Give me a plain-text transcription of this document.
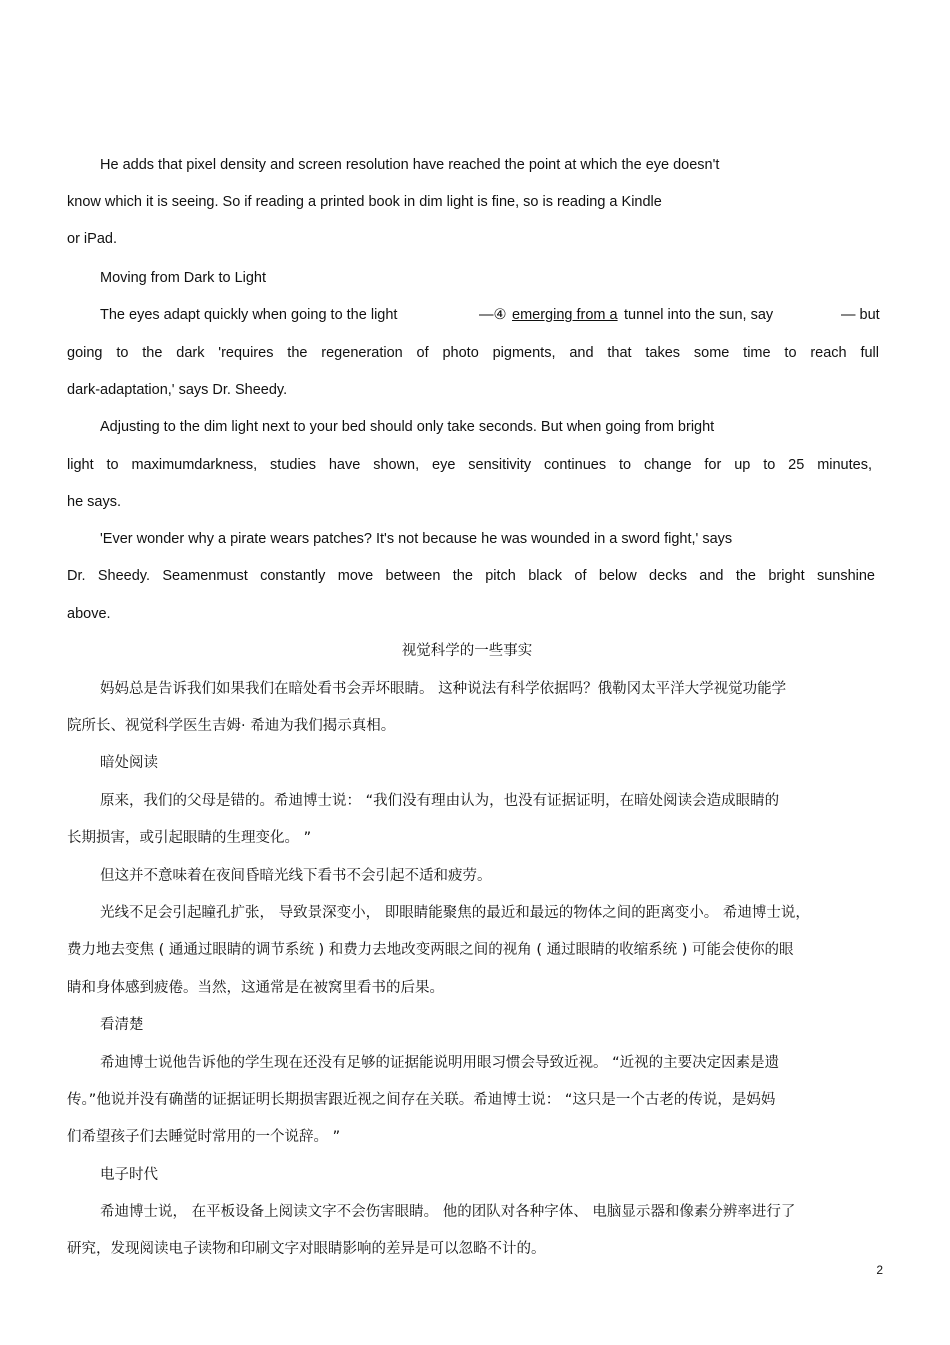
He adds that pixel density and screen resolution have reached the point at which the eye doesn't
know which it is seeing. So if reading a printed book in dim light is fine, so is reading a Kindle
or iPad.
Moving from Dark to Light
The eyes adapt quickly when going to the light	—④ emerging from a tunnel into the sun, say	— but
going to the dark 'requires the regeneration of photo pigments, and that takes some time to reach full
dark-adaptation,' says Dr. Sheedy.
Adjusting to the dim light next to your bed should only take seconds. But when going from bright
light to maximumdarkness, studies have shown, eye sensitivity continues to change for up to 25 minutes,
he says.
'Ever wonder why a pirate wears patches? It's not because he was wounded in a sword fight,' says
Dr. Sheedy. Seamenmust constantly move between the pitch black of below decks and the bright sunshine
above.
视觉科学的一些事实
妈妈总是告诉我们如果我们在暗处看书会弄坏眼睛。 这种说法有科学依据吗？俄勒冈太平洋大学视觉功能学
院所长、视觉科学医生吉姆· 希迪为我们揭示真相。
暗处阅读
原来，我们的父母是错的。希迪博士说： “我们没有理由认为，也没有证据证明，在暗处阅读会造成眼睛的
长期损害，或引起眼睛的生理变化。 ”
但这并不意味着在夜间昏暗光线下看书不会引起不适和疲劳。
光线不足会引起瞳孔扩张， 导致景深变小， 即眼睛能聚焦的最近和最远的物体之间的距离变小。 希迪博士说，
费力地去变焦 ( 通通过眼睛的调节系统 ) 和费力去地改变两眼之间的视角 ( 通过眼睛的收缩系统 ) 可能会使你的眼
睛和身体感到疲倦。当然，这通常是在被窝里看书的后果。
看清楚
希迪博士说他告诉他的学生现在还没有足够的证据能说明用眼习惯会导致近视。 “近视的主要决定因素是遗
传。”他说并没有确凿的证据证明长期损害跟近视之间存在关联。希迪博士说： “这只是一个古老的传说，是妈妈
们希望孩子们去睡觉时常用的一个说辞。 ”
电子时代
希迪博士说， 在平板设备上阅读文字不会伤害眼睛。 他的团队对各种字体、 电脑显示器和像素分辨率进行了
研究，发现阅读电子读物和印刷文字对眼睛影响的差异是可以忽略不计的。
2
